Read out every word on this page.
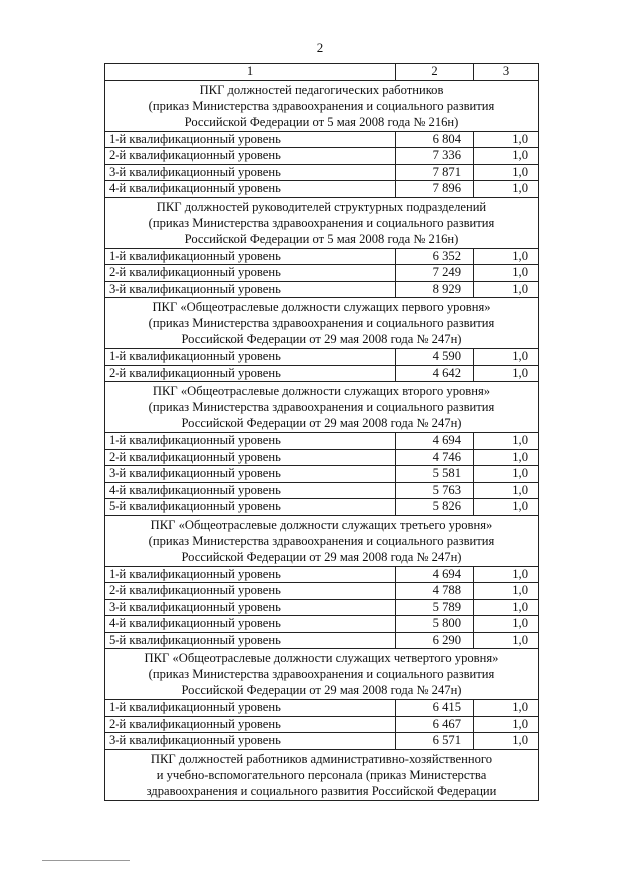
2
1	2	3

ПКГ должностей педагогических работников
(приказ Министерства здравоохранения и социального развития
Российской Федерации от 5 мая 2008 года № 216н)		

1-й квалификационный уровень	6 804	1,0
2-й квалификационный уровень	7 336	1,0
3-й квалификационный уровень	7 871	1,0
4-й квалификационный уровень	7 896	1,0

ПКГ должностей руководителей структурных подразделений
(приказ Министерства здравоохранения и социального развития
Российской Федерации от 5 мая 2008 года № 216н)		

1-й квалификационный уровень	6 352	1,0
2-й квалификационный уровень	7 249	1,0
3-й квалификационный уровень	8 929	1,0

ПКГ «Общеотраслевые должности служащих первого уровня»
(приказ Министерства здравоохранения и социального развития
Российской Федерации от 29 мая 2008 года № 247н)		

1-й квалификационный уровень	4 590	1,0
2-й квалификационный уровень	4 642	1,0

ПКГ «Общеотраслевые должности служащих второго уровня»
(приказ Министерства здравоохранения и социального развития
Российской Федерации от 29 мая 2008 года № 247н)		

1-й квалификационный уровень	4 694	1,0
2-й квалификационный уровень	4 746	1,0
3-й квалификационный уровень	5 581	1,0
4-й квалификационный уровень	5 763	1,0
5-й квалификационный уровень	5 826	1,0

ПКГ «Общеотраслевые должности служащих третьего уровня»
(приказ Министерства здравоохранения и социального развития
Российской Федерации от 29 мая 2008 года № 247н)		

1-й квалификационный уровень	4 694	1,0
2-й квалификационный уровень	4 788	1,0
3-й квалификационный уровень	5 789	1,0
4-й квалификационный уровень	5 800	1,0
5-й квалификационный уровень	6 290	1,0

ПКГ «Общеотраслевые должности служащих четвертого уровня»
(приказ Министерства здравоохранения и социального развития
Российской Федерации от 29 мая 2008 года № 247н)		

1-й квалификационный уровень	6 415	1,0
2-й квалификационный уровень	6 467	1,0
3-й квалификационный уровень	6 571	1,0

ПКГ должностей работников административно-хозяйственного
и учебно-вспомогательного персонала (приказ Министерства
здравоохранения и социального развития Российской Федерации		
